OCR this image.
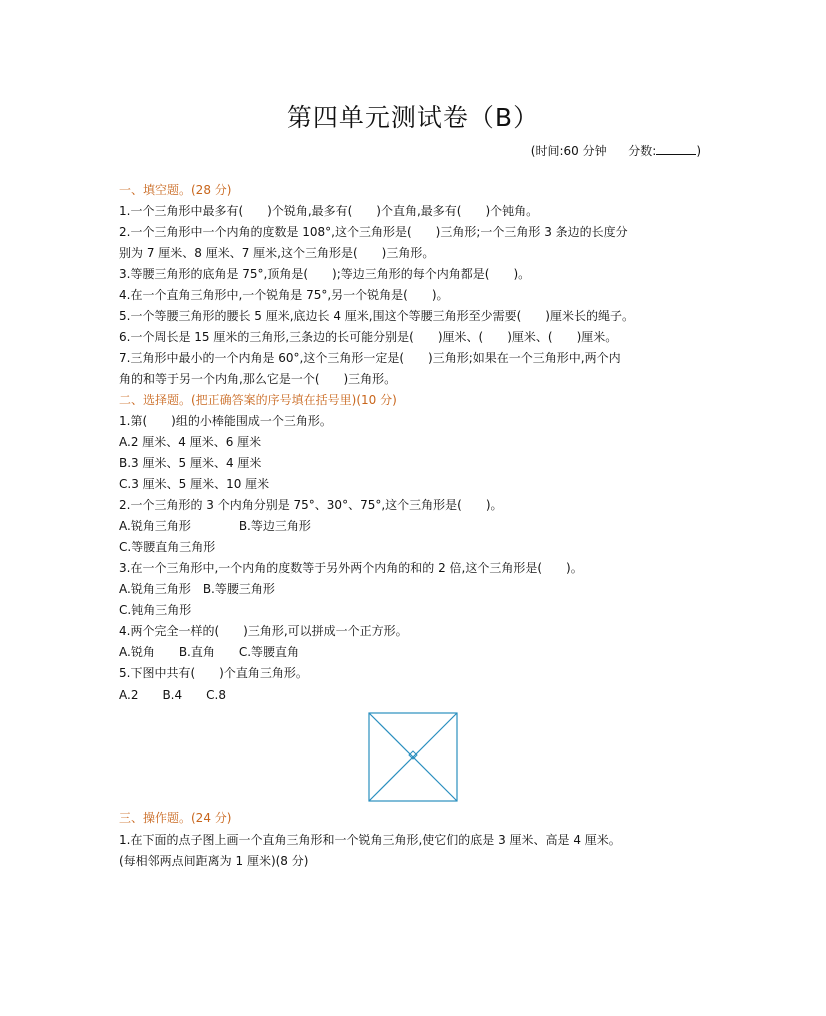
第四单元测试卷（B）
(时间:60 分钟 分数:	)
一、填空题。(28 分)
1.一个三角形中最多有(　　)个锐角,最多有(　　)个直角,最多有(　　)个钝角。
2.一个三角形中一个内角的度数是 108°,这个三角形是(　　)三角形;一个三角形 3 条边的长度分
别为 7 厘米、8 厘米、7 厘米,这个三角形是(　　)三角形。
3.等腰三角形的底角是 75°,顶角是(　　);等边三角形的每个内角都是(　　)。
4.在一个直角三角形中,一个锐角是 75°,另一个锐角是(　　)。
5.一个等腰三角形的腰长 5 厘米,底边长 4 厘米,围这个等腰三角形至少需要(　　)厘米长的绳子。
6.一个周长是 15 厘米的三角形,三条边的长可能分别是(　　)厘米、(　　)厘米、(　　)厘米。
7.三角形中最小的一个内角是 60°,这个三角形一定是(　　)三角形;如果在一个三角形中,两个内
角的和等于另一个内角,那么它是一个(　　)三角形。
二、选择题。(把正确答案的序号填在括号里)(10 分)
1.第(　　)组的小棒能围成一个三角形。
A.2 厘米、4 厘米、6 厘米
B.3 厘米、5 厘米、4 厘米
C.3 厘米、5 厘米、10 厘米
2.一个三角形的 3 个内角分别是 75°、30°、75°,这个三角形是(　　)。
A.锐角三角形　　　　B.等边三角形
C.等腰直角三角形
3.在一个三角形中,一个内角的度数等于另外两个内角的和的 2 倍,这个三角形是(　　)。
A.锐角三角形　B.等腰三角形
C.钝角三角形
4.两个完全一样的(　　)三角形,可以拼成一个正方形。
A.锐角　　B.直角　　C.等腰直角
5.下图中共有(　　)个直角三角形。
A.2　　B.4　　C.8
三、操作题。(24 分)
1.在下面的点子图上画一个直角三角形和一个锐角三角形,使它们的底是 3 厘米、高是 4 厘米。
(每相邻两点间距离为 1 厘米)(8 分)
